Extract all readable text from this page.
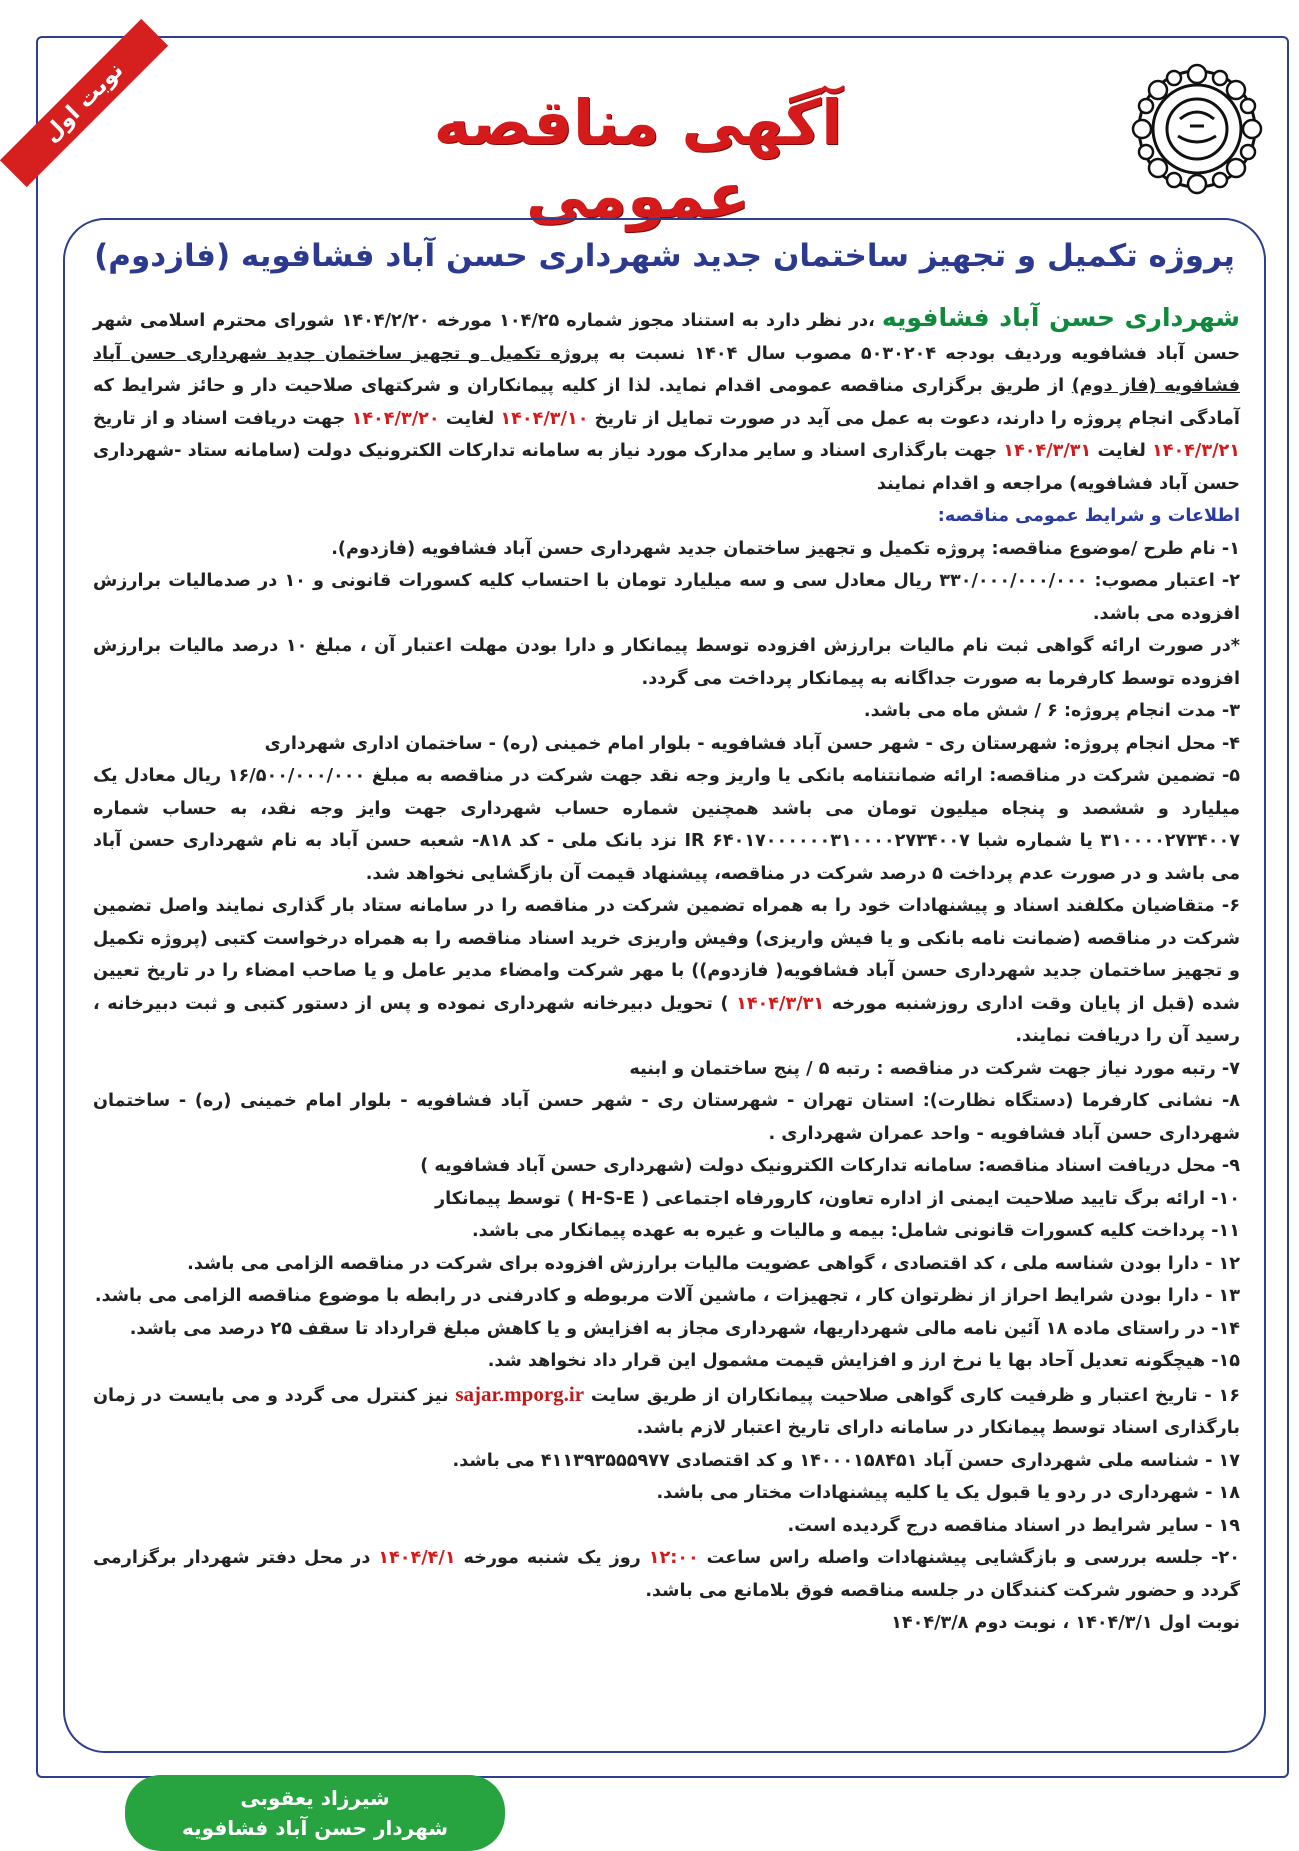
نوبت اول	آگهی مناقصه عمومی
پروژه تکمیل و تجهیز ساختمان جدید شهرداری حسن آباد فشافویه (فازدوم)

شهرداری حسن آباد فشافویه ،در نظر دارد به استناد مجوز شماره ۱۰۴/۲۵ مورخه ۱۴۰۴/۲/۲۰ شورای محترم اسلامی شهر حسن آباد فشافویه وردیف بودجه ۵۰۳۰۲۰۴ مصوب سال ۱۴۰۴ نسبت به پروژه تکمیل و تجهیز ساختمان جدید شهرداری حسن آباد فشافویه (فاز دوم) از طریق برگزاری مناقصه عمومی اقدام نماید. لذا از کلیه پیمانکاران و شرکتهای صلاحیت دار و حائز شرایط که آمادگی انجام پروژه را دارند، دعوت به عمل می آید در صورت تمایل از تاریخ ۱۴۰۴/۳/۱۰ لغایت ۱۴۰۴/۳/۲۰ جهت دریافت اسناد و از تاریخ ۱۴۰۴/۳/۲۱ لغایت ۱۴۰۴/۳/۳۱ جهت بارگذاری اسناد و سایر مدارک مورد نیاز به سامانه تدارکات الکترونیک دولت (سامانه ستاد -شهرداری حسن آباد فشافویه) مراجعه و اقدام نمایند

اطلاعات و شرایط عمومی مناقصه:

۱- نام طرح /موضوع مناقصه: پروژه تکمیل و تجهیز ساختمان جدید شهرداری حسن آباد فشافویه (فازدوم).

۲- اعتبار مصوب: ۳۳۰/۰۰۰/۰۰۰/۰۰۰ ریال معادل سی و سه میلیارد تومان با احتساب کلیه کسورات قانونی و ۱۰ در صدمالیات برارزش افزوده می باشد.

*در صورت ارائه گواهی ثبت نام مالیات برارزش افزوده توسط پیمانکار و دارا بودن مهلت اعتبار آن ، مبلغ ۱۰ درصد مالیات برارزش افزوده توسط کارفرما به صورت جداگانه به پیمانکار پرداخت می گردد.

۳- مدت انجام پروژه: ۶ / شش ماه می باشد.

۴- محل انجام پروژه: شهرستان ری - شهر حسن آباد فشافویه - بلوار امام خمینی (ره) - ساختمان اداری شهرداری

۵- تضمین شرکت در مناقصه: ارائه ضمانتنامه بانکی یا واریز وجه نقد جهت شرکت در مناقصه به مبلغ ۱۶/۵۰۰/۰۰۰/۰۰۰ ریال معادل یک میلیارد و ششصد و پنجاه میلیون تومان می باشد همچنین شماره حساب شهرداری جهت وایز وجه نقد، به حساب شماره ۳۱۰۰۰۰۲۷۳۴۰۰۷ یا شماره شبا IR ۶۴۰۱۷۰۰۰۰۰۰۳۱۰۰۰۰۲۷۳۴۰۰۷ نزد بانک ملی - کد ۸۱۸- شعبه حسن آباد به نام شهرداری حسن آباد می باشد و در صورت عدم پرداخت ۵ درصد شرکت در مناقصه، پیشنهاد قیمت آن بازگشایی نخواهد شد.

۶- متقاضیان مکلفند اسناد و پیشنهادات خود را به همراه تضمین شرکت در مناقصه را در سامانه ستاد بار گذاری نمایند واصل تضمین شرکت در مناقصه (ضمانت نامه بانکی و یا فیش واریزی) وفیش واریزی خرید اسناد مناقصه را به همراه درخواست کتبی (پروژه تکمیل و تجهیز ساختمان جدید شهرداری حسن آباد فشافویه( فازدوم)) با مهر شرکت وامضاء مدیر عامل و یا صاحب امضاء را در تاریخ تعیین شده (قبل از پایان وقت اداری روزشنبه مورخه ۱۴۰۴/۳/۳۱ ) تحویل دبیرخانه شهرداری نموده و پس از دستور کتبی و ثبت دبیرخانه ، رسید آن را دریافت نمایند.

۷- رتبه مورد نیاز جهت شرکت در مناقصه : رتبه ۵ / پنج ساختمان و ابنیه

۸- نشانی کارفرما (دستگاه نظارت): استان تهران - شهرستان ری - شهر حسن آباد فشافویه - بلوار امام خمینی (ره) - ساختمان شهرداری حسن آباد فشافویه - واحد عمران شهرداری .

۹- محل دریافت اسناد مناقصه: سامانه تدارکات الکترونیک دولت (شهرداری حسن آباد فشافویه )

۱۰- ارائه برگ تایید صلاحیت ایمنی از اداره تعاون، کارورفاه اجتماعی ( H-S-E ) توسط پیمانکار

۱۱- پرداخت کلیه کسورات قانونی شامل: بیمه و مالیات و غیره به عهده پیمانکار می باشد.

۱۲ - دارا بودن شناسه ملی ، کد اقتصادی ، گواهی عضویت مالیات برارزش افزوده برای شرکت در مناقصه الزامی می باشد.

۱۳ - دارا بودن شرایط احراز از نظرتوان کار ، تجهیزات ، ماشین آلات مربوطه و کادرفنی در رابطه با موضوع مناقصه الزامی می باشد.

۱۴- در راستای ماده ۱۸ آئین نامه مالی شهرداریها، شهرداری مجاز به افزایش و یا کاهش مبلغ قرارداد تا سقف ۲۵ درصد می باشد.

۱۵- هیچگونه تعدیل آحاد بها یا نرخ ارز و افزایش قیمت مشمول این قرار داد نخواهد شد.

۱۶ - تاریخ اعتبار و ظرفیت کاری گواهی صلاحیت پیمانکاران از طریق سایت sajar.mporg.ir نیز کنترل می گردد و می بایست در زمان بارگذاری اسناد توسط پیمانکار در سامانه دارای تاریخ اعتبار لازم باشد.

۱۷ - شناسه ملی شهرداری حسن آباد ۱۴۰۰۰۱۵۸۴۵۱ و کد اقتصادی ۴۱۱۳۹۳۵۵۵۹۷۷ می باشد.

۱۸ - شهرداری در ردو یا قبول یک یا کلیه پیشنهادات مختار می باشد.

۱۹ - سایر شرایط در اسناد مناقصه درج گردیده است.

۲۰- جلسه بررسی و بازگشایی پیشنهادات واصله راس ساعت ۱۲:۰۰ روز یک شنبه مورخه ۱۴۰۴/۴/۱ در محل دفتر شهردار برگزارمی گردد و حضور شرکت کنندگان در جلسه مناقصه فوق بلامانع می باشد.

نوبت اول ۱۴۰۴/۳/۱ ، نوبت دوم ۱۴۰۴/۳/۸

شیرزاد یعقوبی
شهردار حسن آباد فشافویه
